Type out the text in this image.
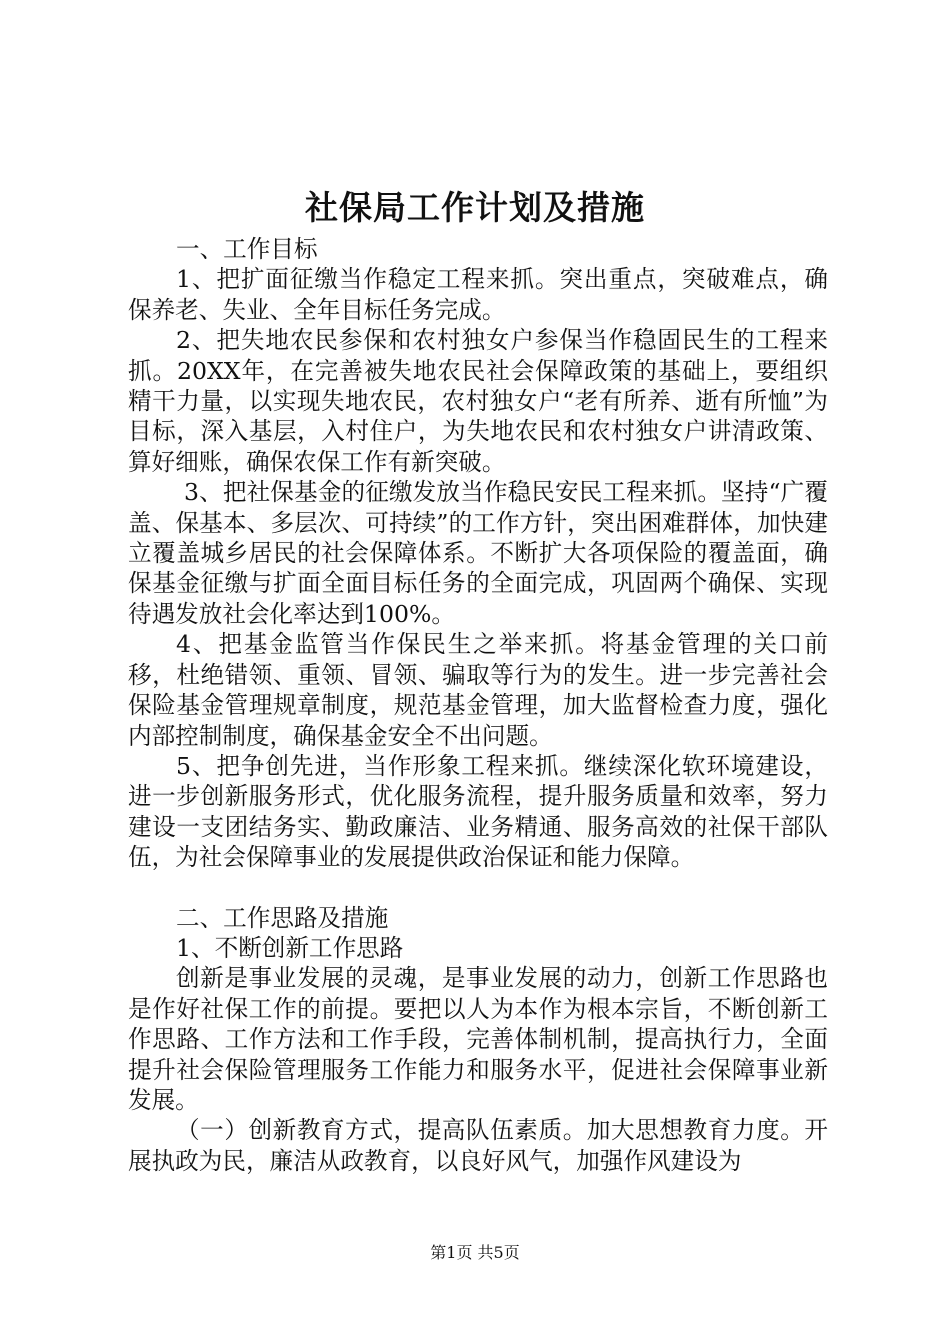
社保局工作计划及措施

一、工作目标

1、把扩面征缴当作稳定工程来抓。突出重点，突破难点，确保养老、失业、全年目标任务完成。

2、把失地农民参保和农村独女户参保当作稳固民生的工程来抓。20XX年，在完善被失地农民社会保障政策的基础上，要组织精干力量，以实现失地农民，农村独女户“老有所养、逝有所恤”为目标，深入基层，入村住户，为失地农民和农村独女户讲清政策、算好细账，确保农保工作有新突破。

3、把社保基金的征缴发放当作稳民安民工程来抓。坚持“广覆盖、保基本、多层次、可持续”的工作方针，突出困难群体，加快建立覆盖城乡居民的社会保障体系。不断扩大各项保险的覆盖面，确保基金征缴与扩面全面目标任务的全面完成，巩固两个确保、实现待遇发放社会化率达到100%。

4、把基金监管当作保民生之举来抓。将基金管理的关口前移，杜绝错领、重领、冒领、骗取等行为的发生。进一步完善社会保险基金管理规章制度，规范基金管理，加大监督检查力度，强化内部控制制度，确保基金安全不出问题。

5、把争创先进，当作形象工程来抓。继续深化软环境建设，进一步创新服务形式，优化服务流程，提升服务质量和效率，努力建设一支团结务实、勤政廉洁、业务精通、服务高效的社保干部队伍，为社会保障事业的发展提供政治保证和能力保障。

二、工作思路及措施

1、不断创新工作思路

创新是事业发展的灵魂，是事业发展的动力，创新工作思路也是作好社保工作的前提。要把以人为本作为根本宗旨，不断创新工作思路、工作方法和工作手段，完善体制机制，提高执行力，全面提升社会保险管理服务工作能力和服务水平，促进社会保障事业新发展。

（一）创新教育方式，提高队伍素质。加大思想教育力度。开展执政为民，廉洁从政教育，以良好风气，加强作风建设为

第1页 共5页
